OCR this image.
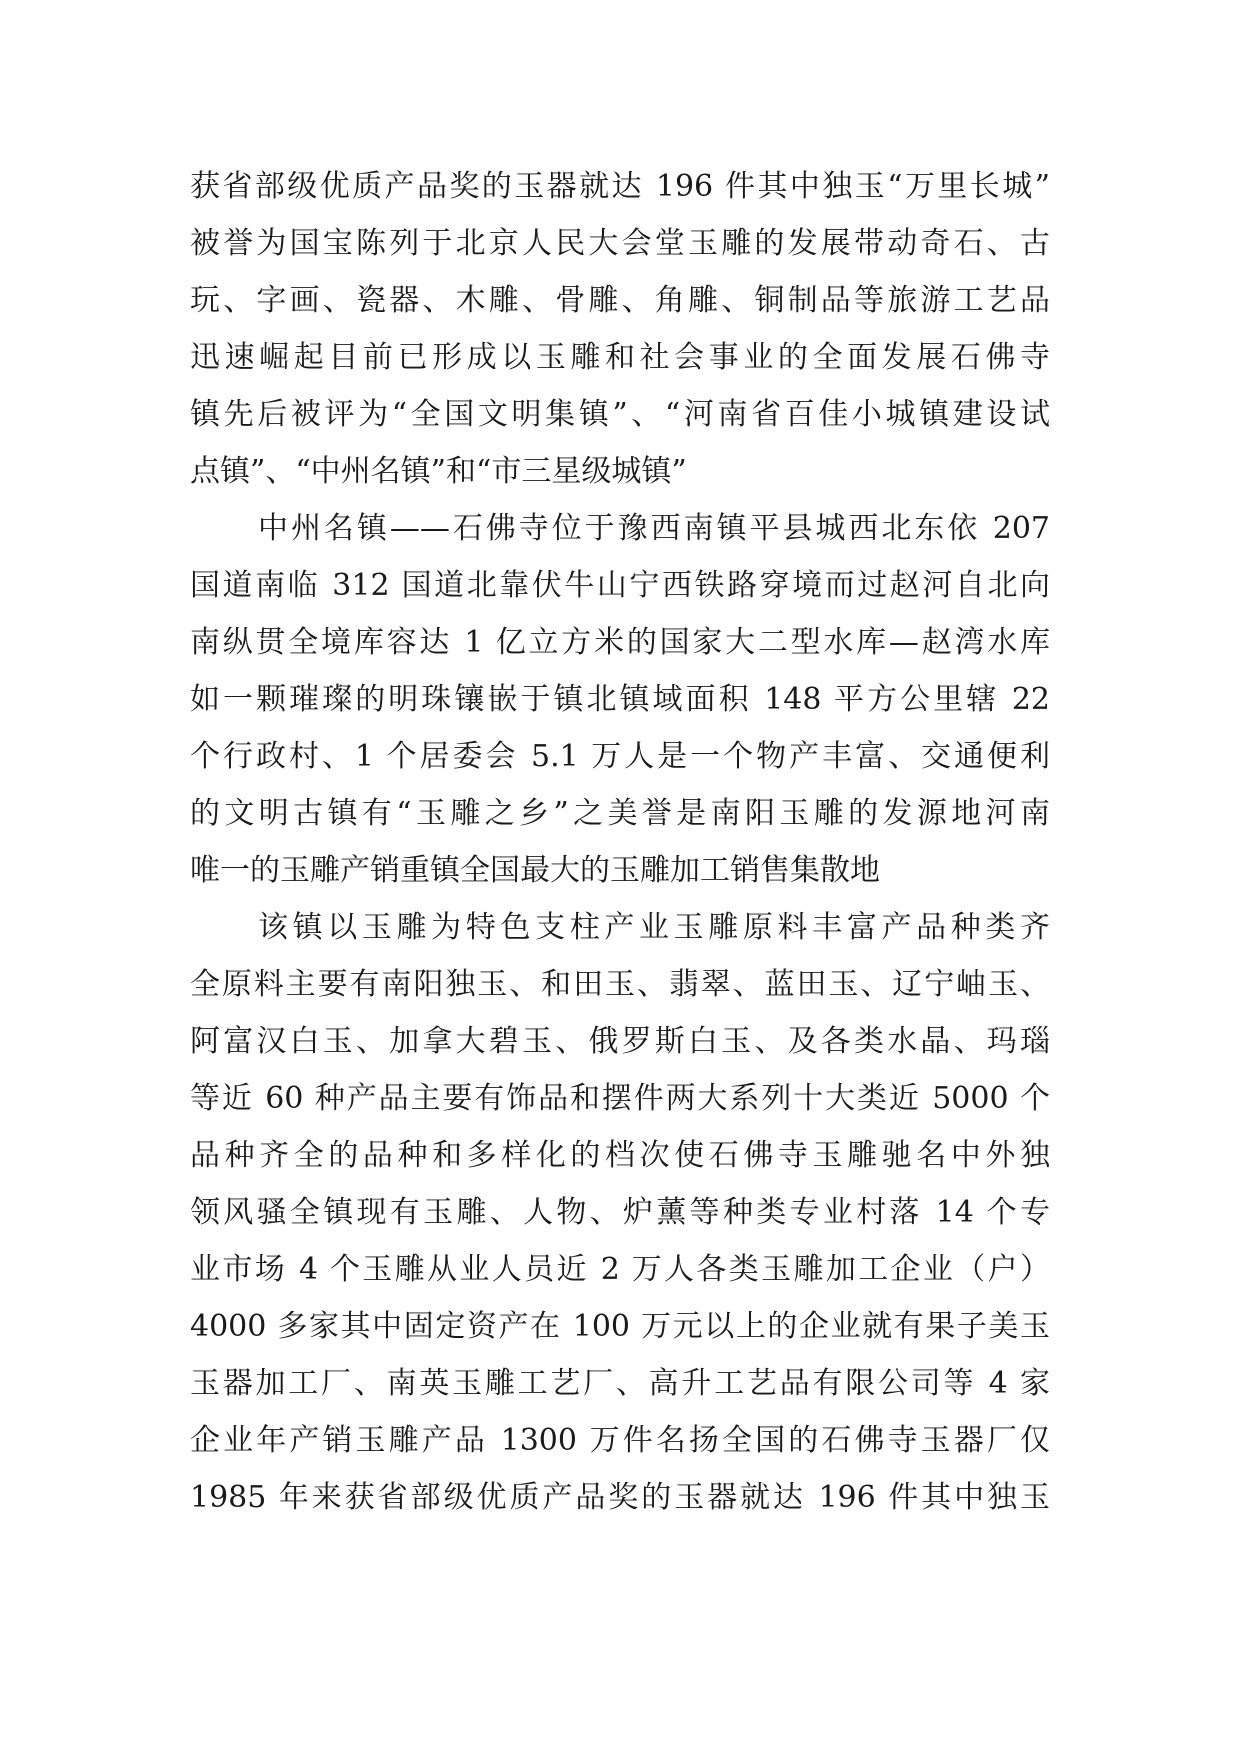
获省部级优质产品奖的玉器就达 196 件其中独玉“万里长城”
被誉为国宝陈列于北京人民大会堂玉雕的发展带动奇石、古
玩、字画、瓷器、木雕、骨雕、角雕、铜制品等旅游工艺品
迅速崛起目前已形成以玉雕和社会事业的全面发展石佛寺
镇先后被评为“全国文明集镇”、“河南省百佳小城镇建设试
点镇”、“中州名镇”和“市三星级城镇”
中州名镇——石佛寺位于豫西南镇平县城西北东依 207
国道南临 312 国道北靠伏牛山宁西铁路穿境而过赵河自北向
南纵贯全境库容达 1 亿立方米的国家大二型水库—赵湾水库
如一颗璀璨的明珠镶嵌于镇北镇域面积 148 平方公里辖 22
个行政村、1 个居委会 5.1 万人是一个物产丰富、交通便利
的文明古镇有“玉雕之乡”之美誉是南阳玉雕的发源地河南
唯一的玉雕产销重镇全国最大的玉雕加工销售集散地
该镇以玉雕为特色支柱产业玉雕原料丰富产品种类齐
全原料主要有南阳独玉、和田玉、翡翠、蓝田玉、辽宁岫玉、
阿富汉白玉、加拿大碧玉、俄罗斯白玉、及各类水晶、玛瑙
等近 60 种产品主要有饰品和摆件两大系列十大类近 5000 个
品种齐全的品种和多样化的档次使石佛寺玉雕驰名中外独
领风骚全镇现有玉雕、人物、炉薰等种类专业村落 14 个专
业市场 4 个玉雕从业人员近 2 万人各类玉雕加工企业（户）
4000 多家其中固定资产在 100 万元以上的企业就有果子美玉
玉器加工厂、南英玉雕工艺厂、高升工艺品有限公司等 4 家
企业年产销玉雕产品 1300 万件名扬全国的石佛寺玉器厂仅
1985 年来获省部级优质产品奖的玉器就达 196 件其中独玉
